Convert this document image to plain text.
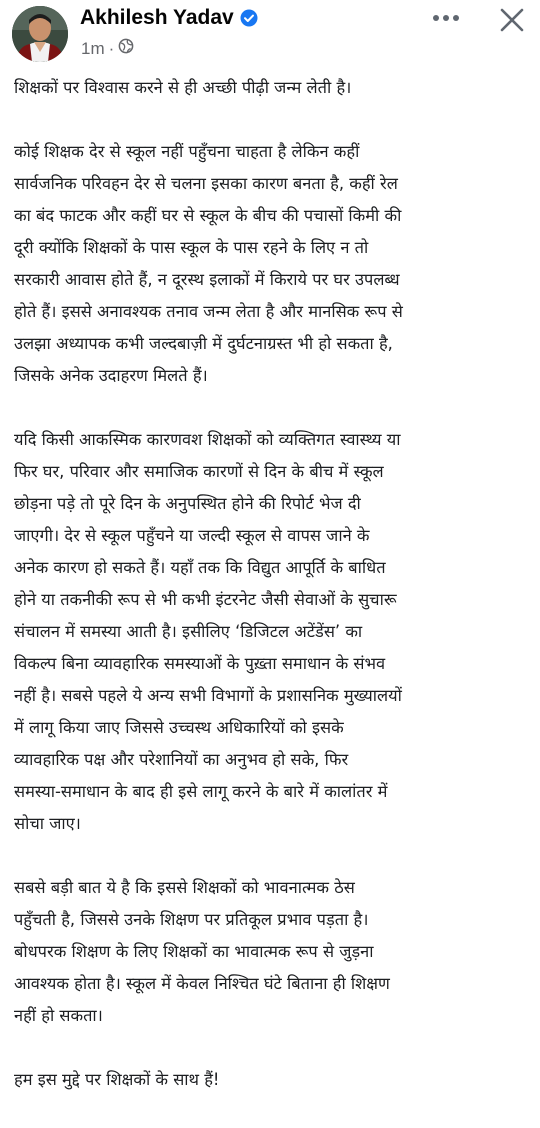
Akhilesh Yadav
1m ·

शिक्षकों पर विश्वास करने से ही अच्छी पीढ़ी जन्म लेती है।

कोई शिक्षक देर से स्कूल नहीं पहुँचना चाहता है लेकिन कहीं
सार्वजनिक परिवहन देर से चलना इसका कारण बनता है, कहीं रेल
का बंद फाटक और कहीं घर से स्कूल के बीच की पचासों किमी की
दूरी क्योंकि शिक्षकों के पास स्कूल के पास रहने के लिए न तो
सरकारी आवास होते हैं, न दूरस्थ इलाकों में किराये पर घर उपलब्ध
होते हैं। इससे अनावश्यक तनाव जन्म लेता है और मानसिक रूप से
उलझा अध्यापक कभी जल्दबाज़ी में दुर्घटनाग्रस्त भी हो सकता है,
जिसके अनेक उदाहरण मिलते हैं।

यदि किसी आकस्मिक कारणवश शिक्षकों को व्यक्तिगत स्वास्थ्य या
फिर घर, परिवार और समाजिक कारणों से दिन के बीच में स्कूल
छोड़ना पड़े तो पूरे दिन के अनुपस्थित होने की रिपोर्ट भेज दी
जाएगी। देर से स्कूल पहुँचने या जल्दी स्कूल से वापस जाने के
अनेक कारण हो सकते हैं। यहाँ तक कि विद्युत आपूर्ति के बाधित
होने या तकनीकी रूप से भी कभी इंटरनेट जैसी सेवाओं के सुचारू
संचालन में समस्या आती है। इसीलिए ‘डिजिटल अटेंडेंस’ का
विकल्प बिना व्यावहारिक समस्याओं के पुख़्ता समाधान के संभव
नहीं है। सबसे पहले ये अन्य सभी विभागों के प्रशासनिक मुख्यालयों
में लागू किया जाए जिससे उच्चस्थ अधिकारियों को इसके
व्यावहारिक पक्ष और परेशानियों का अनुभव हो सके, फिर
समस्या-समाधान के बाद ही इसे लागू करने के बारे में कालांतर में
सोचा जाए।

सबसे बड़ी बात ये है कि इससे शिक्षकों को भावनात्मक ठेस
पहुँचती है, जिससे उनके शिक्षण पर प्रतिकूल प्रभाव पड़ता है।
बोधपरक शिक्षण के लिए शिक्षकों का भावात्मक रूप से जुड़ना
आवश्यक होता है। स्कूल में केवल निश्चित घंटे बिताना ही शिक्षण
नहीं हो सकता।

हम इस मुद्दे पर शिक्षकों के साथ हैं!
